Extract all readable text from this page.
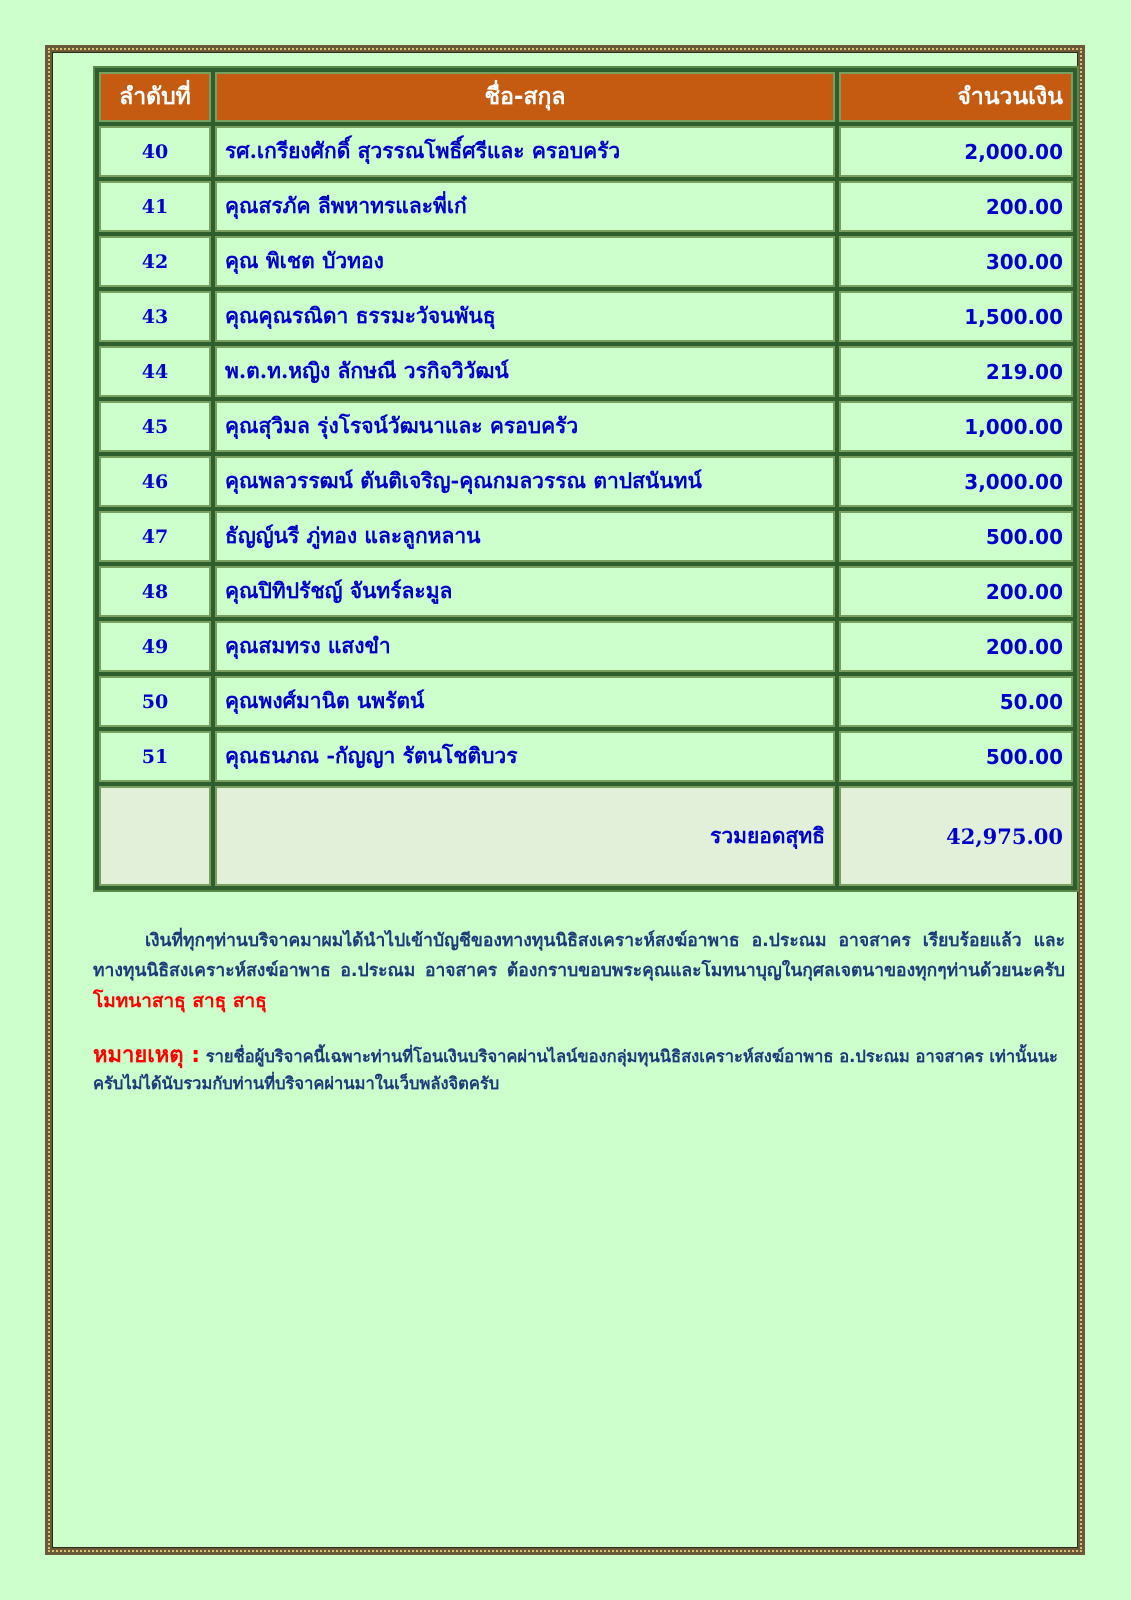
ลำดับที่	ชื่อ-สกุล	จำนวนเงิน
40	รศ.เกรียงศักดิ์ สุวรรณโพธิ์ศรีและ ครอบครัว	2,000.00
41	คุณสรภัค ลีพหาทรและพี่เก๋	200.00
42	คุณ พิเชต บัวทอง	300.00
43	คุณคุณรณิดา ธรรมะวัจนพันธุ	1,500.00
44	พ.ต.ท.หญิง ลักษณี วรกิจวิวัฒน์	219.00
45	คุณสุวิมล รุ่งโรจน์วัฒนาและ ครอบครัว	1,000.00
46	คุณพลวรรฒน์ ตันติเจริญ-คุณกมลวรรณ ตาปสนันทน์	3,000.00
47	ธัญญ์นรี ภู่ทอง และลูกหลาน	500.00
48	คุณปิทิปรัชญ์ จันทร์ละมูล	200.00
49	คุณสมทรง แสงขำ	200.00
50	คุณพงศ์มานิต นพรัตน์	50.00
51	คุณธนภณ -กัญญา รัตนโชติบวร	500.00
	รวมยอดสุทธิ	42,975.00
เงินที่ทุกๆท่านบริจาคมาผมได้นำไปเข้าบัญชีของทางทุนนิธิสงเคราะห์สงฆ์อาพาธ อ.ประณม อาจสาคร เรียบร้อยแล้ว และทางทุนนิธิสงเคราะห์สงฆ์อาพาธ อ.ประณม อาจสาคร ต้องกราบขอบพระคุณและโมทนาบุญในกุศลเจตนาของทุกๆท่านด้วยนะครับ โมทนาสาธุ สาธุ สาธุ
หมายเหตุ : รายชื่อผู้บริจาคนี้เฉพาะท่านที่โอนเงินบริจาคผ่านไลน์ของกลุ่มทุนนิธิสงเคราะห์สงฆ์อาพาธ อ.ประณม อาจสาคร เท่านั้นนะครับไม่ได้นับรวมกับท่านที่บริจาคผ่านมาในเว็บพลังจิตครับ
